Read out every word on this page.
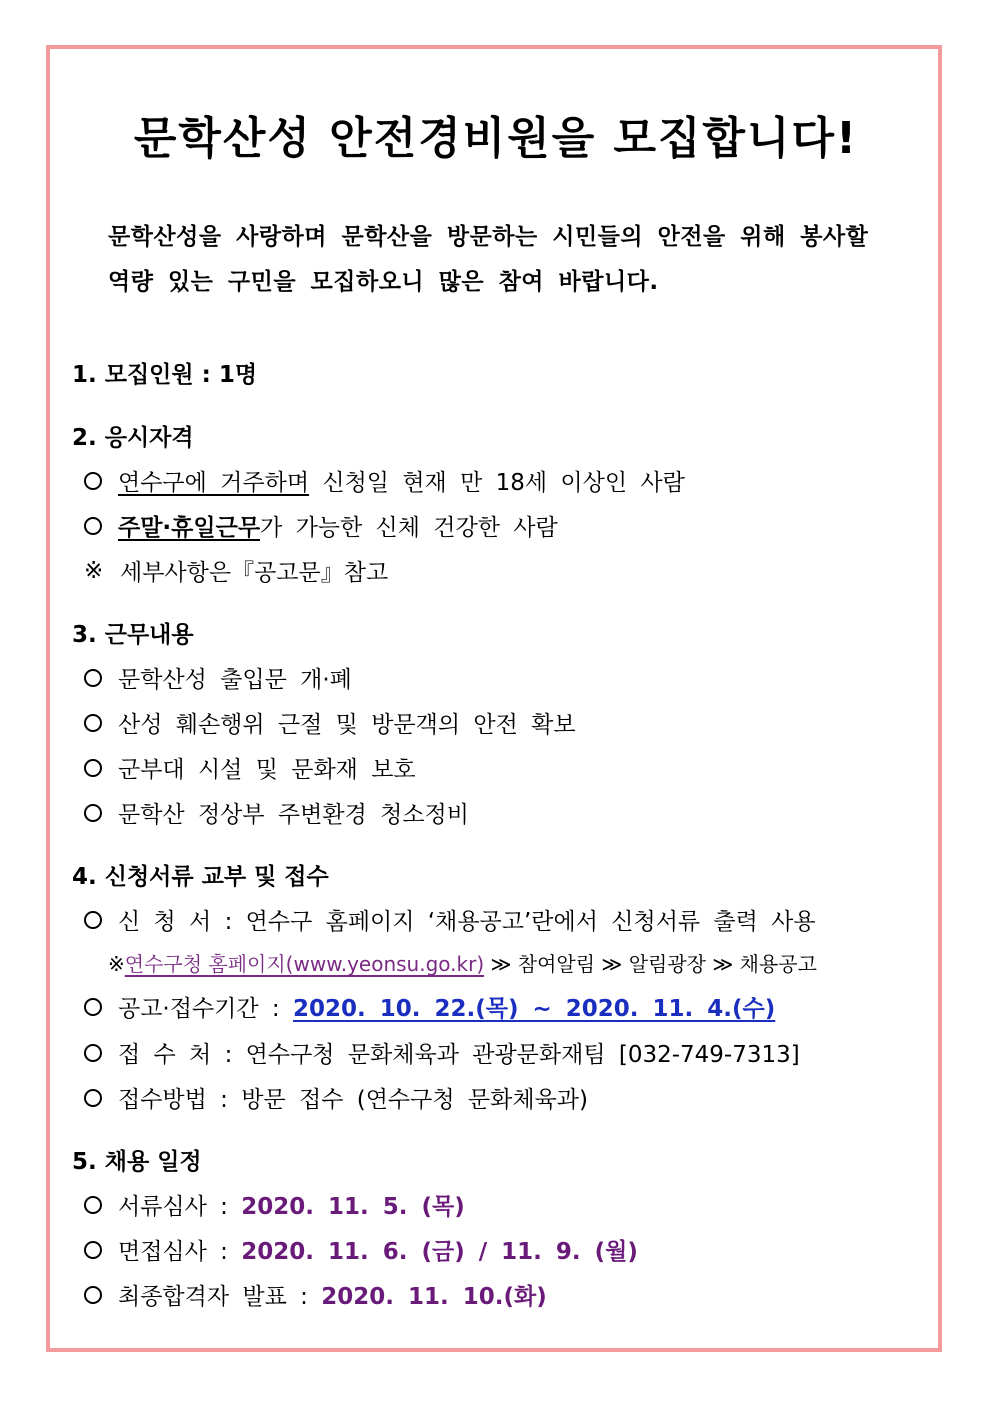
문학산성 안전경비원을 모집합니다!
문학산성을 사랑하며 문학산을 방문하는 시민들의 안전을 위해 봉사할
역량 있는 구민을 모집하오니 많은 참여 바랍니다.
1. 모집인원 : 1명
2. 응시자격
연수구에 거주하며 신청일 현재 만 18세 이상인 사람
주말·휴일근무 가 가능한 신체 건강한 사람
※ 세부사항은『공고문』참고
3. 근무내용
문학산성 출입문 개·폐
산성 훼손행위 근절 및 방문객의 안전 확보
군부대 시설 및 문화재 보호
문학산 정상부 주변환경 청소정비
4. 신청서류 교부 및 접수
신 청 서 : 연수구 홈페이지 ‘채용공고’란에서 신청서류 출력 사용
※연수구청 홈페이지(www.yeonsu.go.kr) ≫ 참여알림 ≫ 알림광장 ≫ 채용공고
공고·접수기간 : 2020. 10. 22.(목) ~ 2020. 11. 4.(수)
접 수 처 : 연수구청 문화체육과 관광문화재팀 [032-749-7313]
접수방법 : 방문 접수 (연수구청 문화체육과)
5. 채용 일정
서류심사 : 2020. 11. 5. (목)
면접심사 : 2020. 11. 6. (금) / 11. 9. (월)
최종합격자 발표 : 2020. 11. 10.(화)
